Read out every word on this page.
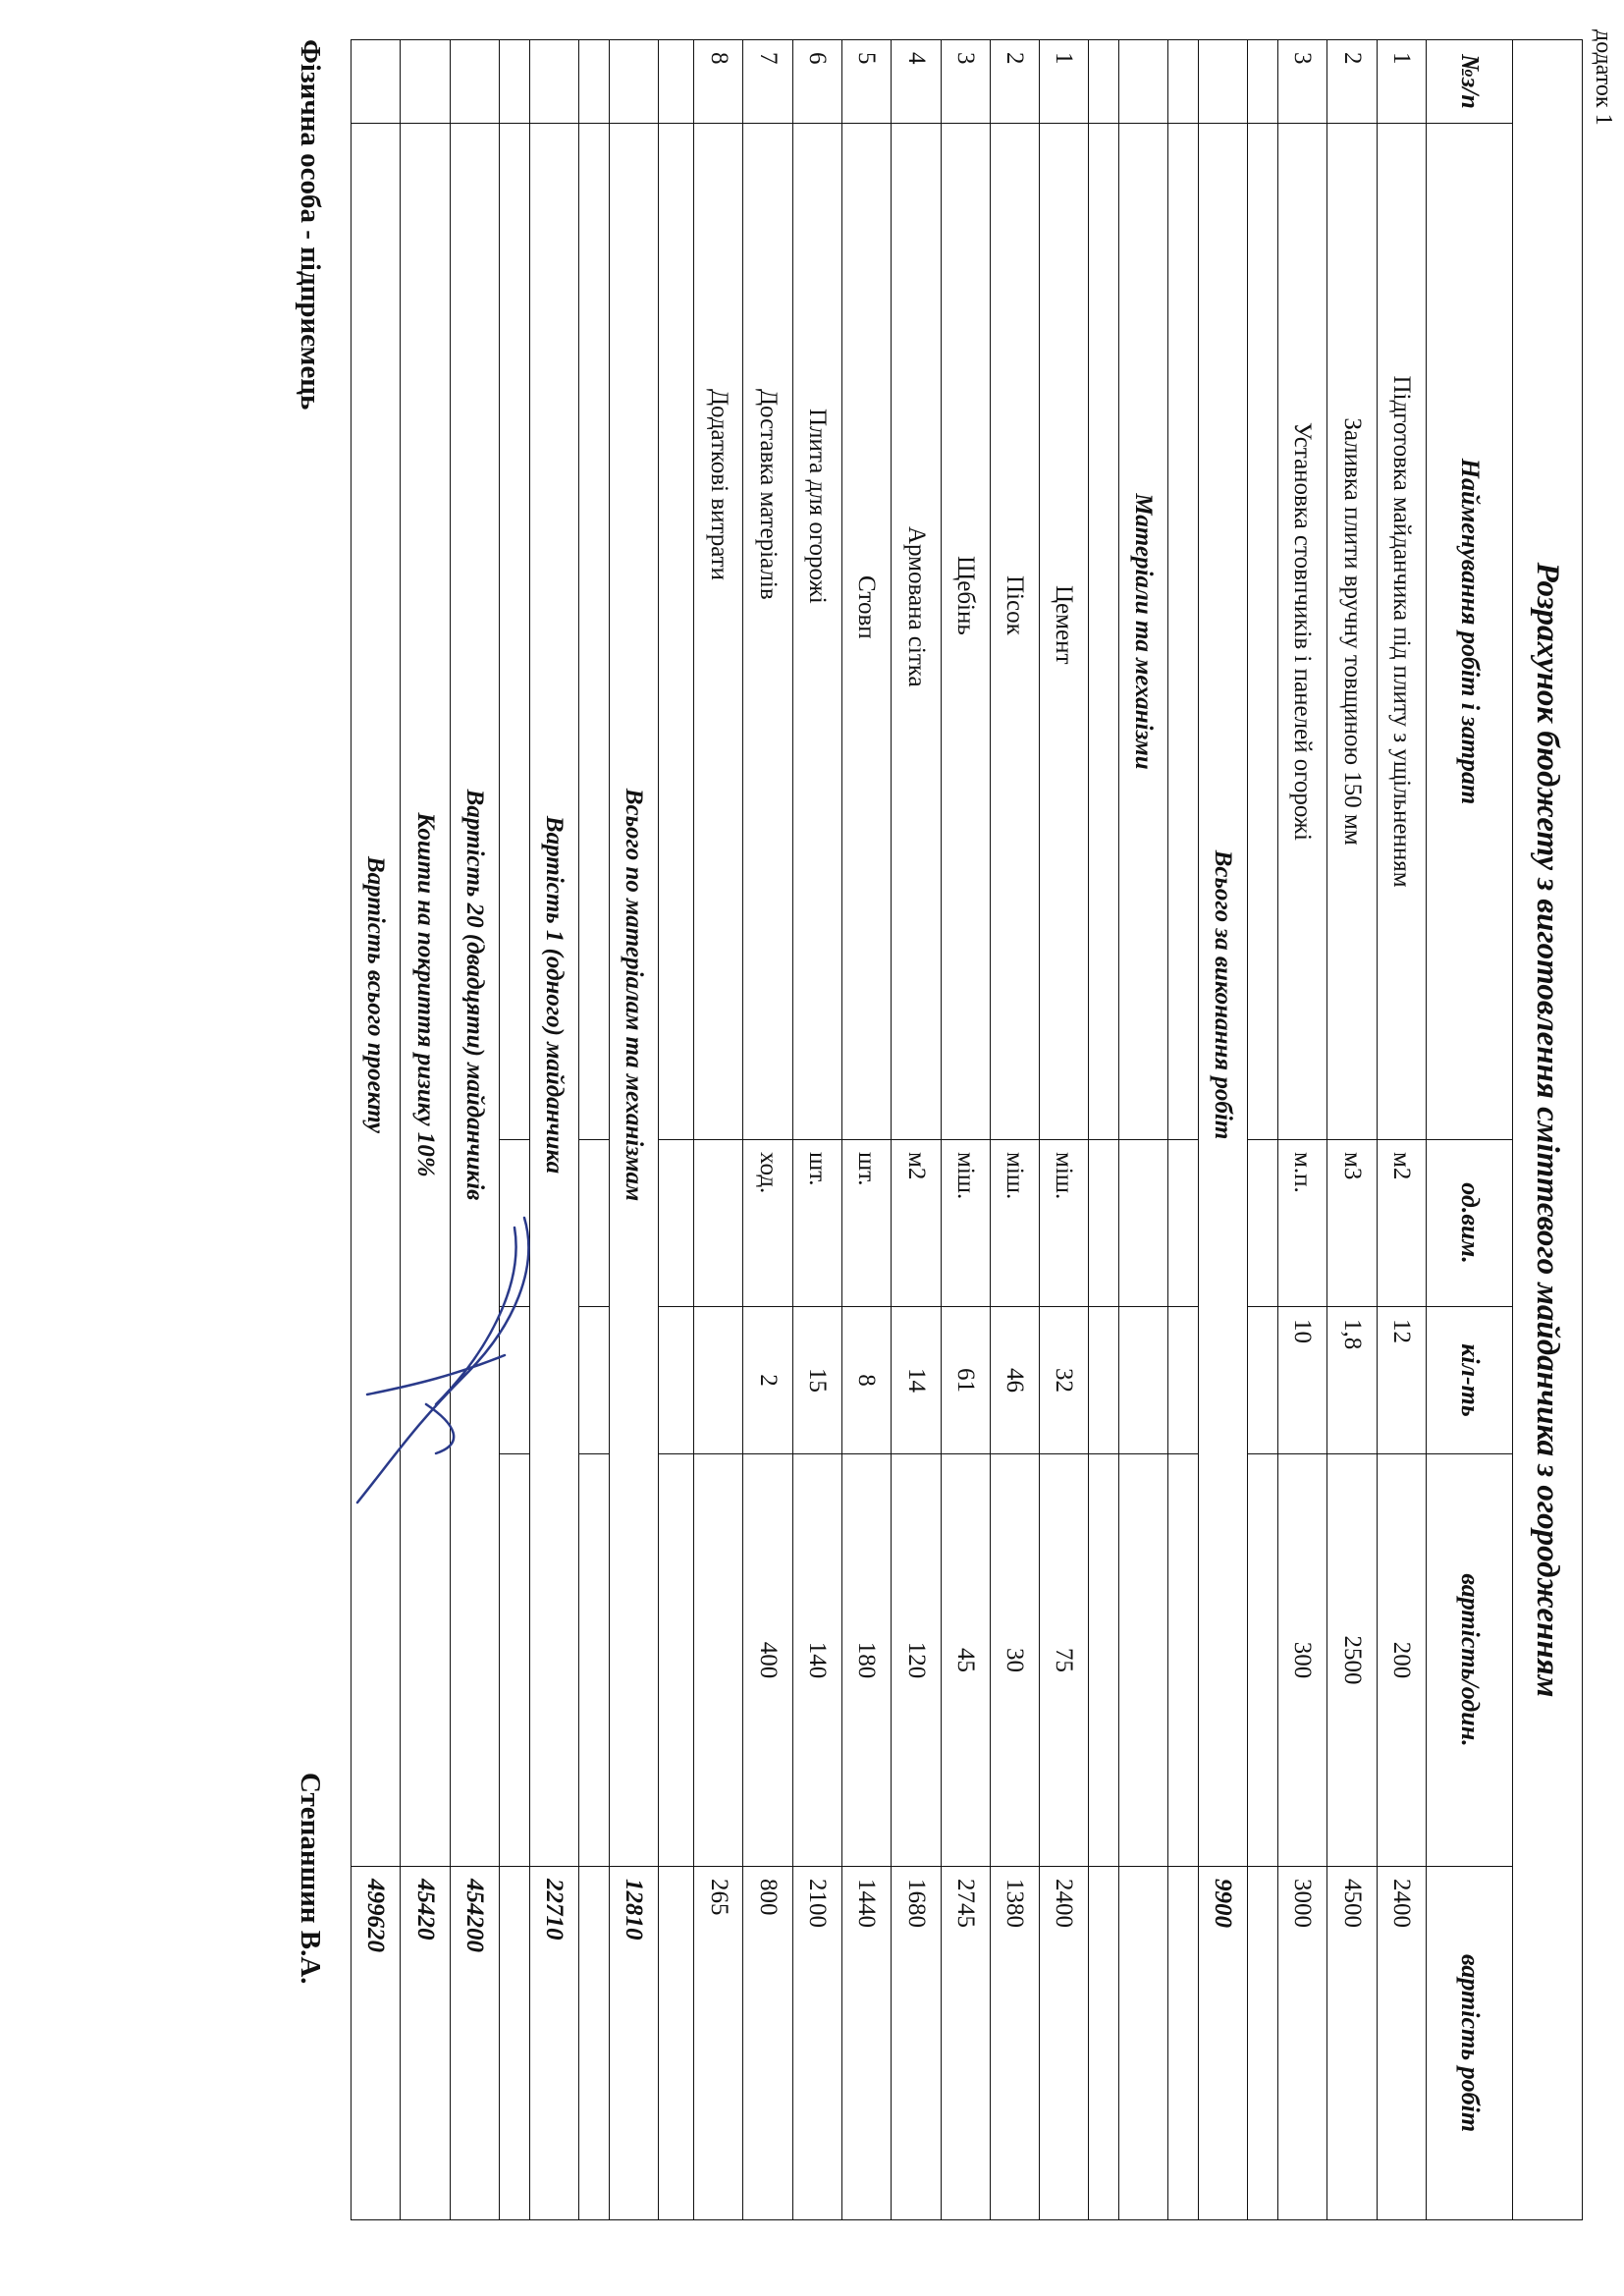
додаток 1
Розрахунок бюджету з виготовлення сміттєвого майданчика з огородженням					
№з/п	Найменування робіт і затрат	од.вим.	кіл-ть	вартість/один.	вартість робіт
1	Підготовка майданчика під плиту з ущільненням	м2	12	200	2400
2	Заливка плити вручну товщиною 150 мм	м3	1,8	2500	4500
3	Установка стовпчиків і панелей огорожі	м.п.	10	300	3000

	Всього за виконання робіт				9900

	Матеріали та механізми				

1	Цемент	міш.	32	75	2400
2	Пісок	міш.	46	30	1380
3	Щебінь	міш.	61	45	2745
4	Армована сітка	м2	14	120	1680
5	Стовп	шт.	8	180	1440
6	Плита для огорожі	шт.	15	140	2100
7	Доставка матеріалів	ход.	2	400	800
8	Додаткові витрати				265

	Всього по матеріалам та механізмам				12810

	Вартість 1 (одного) майданчика				22710

	Вартість 20 (двадцяти) майданчиків				454200
	Кошти на покриття ризику 10%				45420
	Вартість всього проекту				499620
Фізична особа - підприємець
Степаншин В.А.
